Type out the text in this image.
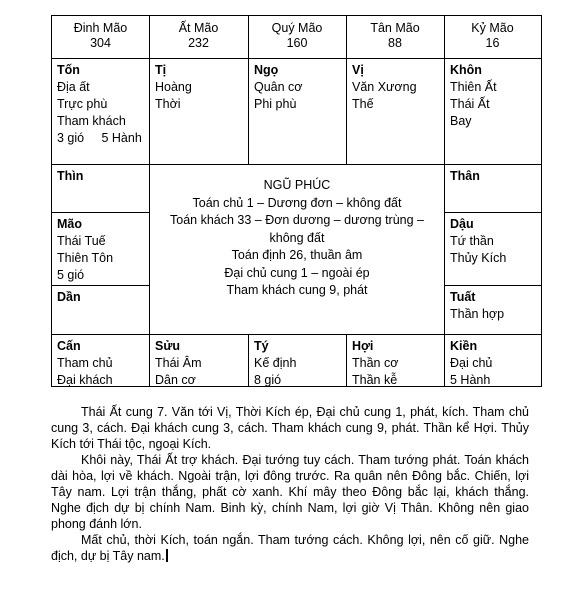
Đinh Mão
304
Ất Mão
232
Quý Mão
160
Tân Mão
88
Kỷ Mão
16
Tốn
Địa ất
Trực phù
Tham khách
3 gió     5 Hành
Tị
Hoàng
Thời
Ngọ
Quân cơ
Phi phù
Vị
Văn Xương
Thế
Khôn
Thiên Ất
Thái Ất
Bay
Thìn
Mão
Thái Tuế
Thiên Tôn
5 gió
Dần
Thân
Dậu
Tứ thần
Thủy Kích
Tuất
Thần hợp
NGŨ PHÚC
Toán chủ 1 – Dương đơn – không đất
Toán khách 33 – Đơn dương – dương trùng – không đất
Toán định 26, thuần âm
Đại chủ cung 1 – ngoài ép
Tham khách cung 9, phát
Cấn
Tham chủ
Đại khách
Sửu
Thái Âm
Dân cơ
Tý
Kế định
8 gió
Hợi
Thần cơ
Thần kễ
Kiền
Đại chủ
5 Hành

Thái Ất cung 7. Văn tới Vị, Thời Kích ép, Đại chủ cung 1, phát, kích. Tham chủ cung 3, cách. Đại khách cung 3, cách. Tham khách cung 9, phát. Thần kể Hợi. Thủy Kích tới Thái tộc, ngoại Kích.

Khôi này, Thái Ất trợ khách. Đại tướng tuy cách. Tham tướng phát. Toán khách dài hòa, lợi về khách. Ngoài trận, lợi đông trước. Ra quân nên Đông bắc. Chiến, lợi Tây nam. Lợi trận thắng, phất cờ xanh. Khí mây theo Đông bắc lại, khách thắng. Nghe địch dự bị chính Nam. Binh kỳ, chính Nam, lợi giờ Vị Thân. Không nên giao phong đánh lớn.

Mất chủ, thời Kích, toán ngắn. Tham tướng cách. Không lợi, nên cố giữ. Nghe địch, dự bị Tây nam.
